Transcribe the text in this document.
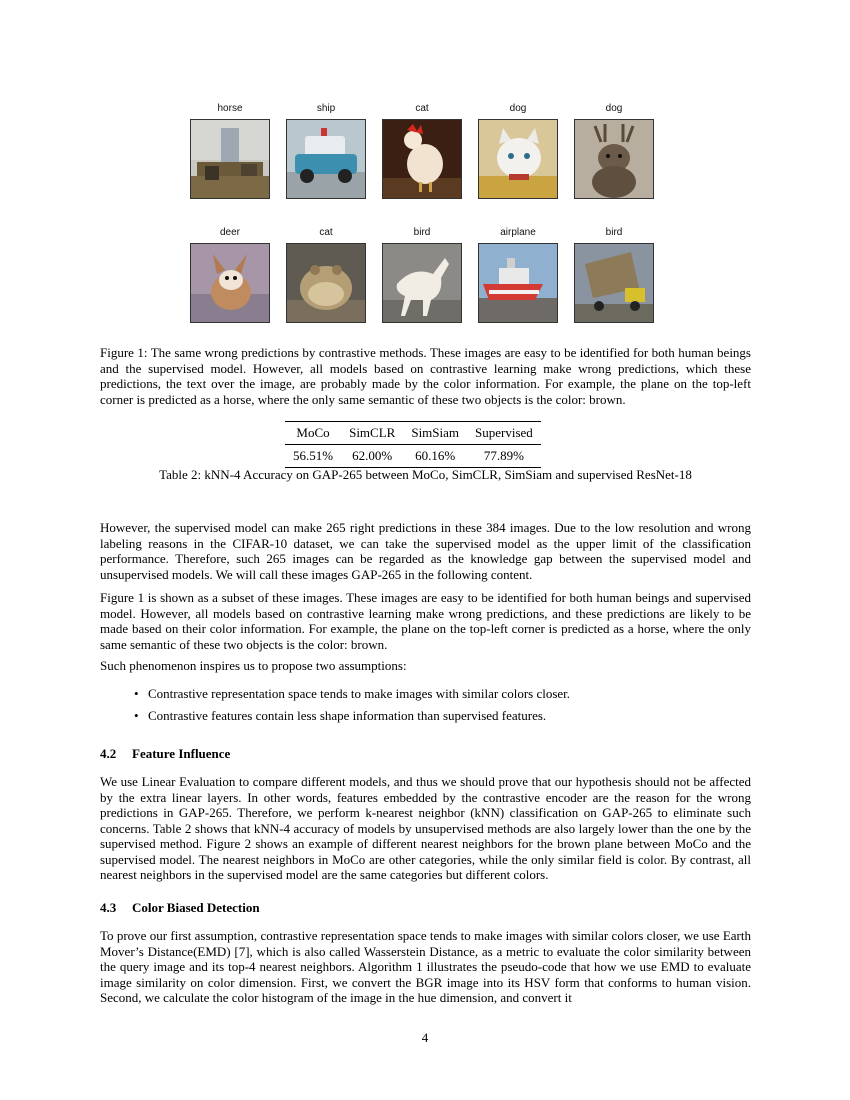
horse	ship	cat	dog	dog
deer	cat	bird	airplane	bird
Figure 1: The same wrong predictions by contrastive methods. These images are easy to be identified for both human beings and the supervised model. However, all models based on contrastive learning make wrong predictions, which these predictions, the text over the image, are probably made by the color information. For example, the plane on the top-left corner is predicted as a horse, where the only same semantic of these two objects is the color: brown.
MoCo	SimCLR	SimSiam	Supervised
56.51%	62.00%	60.16%	77.89%
Table 2: kNN-4 Accuracy on GAP-265 between MoCo, SimCLR, SimSiam and supervised ResNet-18
However, the supervised model can make 265 right predictions in these 384 images. Due to the low resolution and wrong labeling reasons in the CIFAR-10 dataset, we can take the supervised model as the upper limit of the classification performance. Therefore, such 265 images can be regarded as the knowledge gap between the supervised model and unsupervised models. We will call these images GAP-265 in the following content.
Figure 1 is shown as a subset of these images. These images are easy to be identified for both human beings and supervised model. However, all models based on contrastive learning make wrong predictions, and these predictions are likely to be made based on their color information. For example, the plane on the top-left corner is predicted as a horse, where the only same semantic of these two objects is the color: brown.
Such phenomenon inspires us to propose two assumptions:
• Contrastive representation space tends to make images with similar colors closer.
• Contrastive features contain less shape information than supervised features.
4.2 Feature Influence
We use Linear Evaluation to compare different models, and thus we should prove that our hypothesis should not be affected by the extra linear layers. In other words, features embedded by the contrastive encoder are the reason for the wrong predictions in GAP-265. Therefore, we perform k-nearest neighbor (kNN) classification on GAP-265 to eliminate such concerns. Table 2 shows that kNN-4 accuracy of models by unsupervised methods are also largely lower than the one by the supervised method. Figure 2 shows an example of different nearest neighbors for the brown plane between MoCo and the supervised model. The nearest neighbors in MoCo are other categories, while the only similar field is color. By contrast, all nearest neighbors in the supervised model are the same categories but different colors.
4.3 Color Biased Detection
To prove our first assumption, contrastive representation space tends to make images with similar colors closer, we use Earth Mover’s Distance(EMD) [7], which is also called Wasserstein Distance, as a metric to evaluate the color similarity between the query image and its top-4 nearest neighbors. Algorithm 1 illustrates the pseudo-code that how we use EMD to evaluate image similarity on color dimension. First, we convert the BGR image into its HSV form that conforms to human vision. Second, we calculate the color histogram of the image in the hue dimension, and convert it
4
